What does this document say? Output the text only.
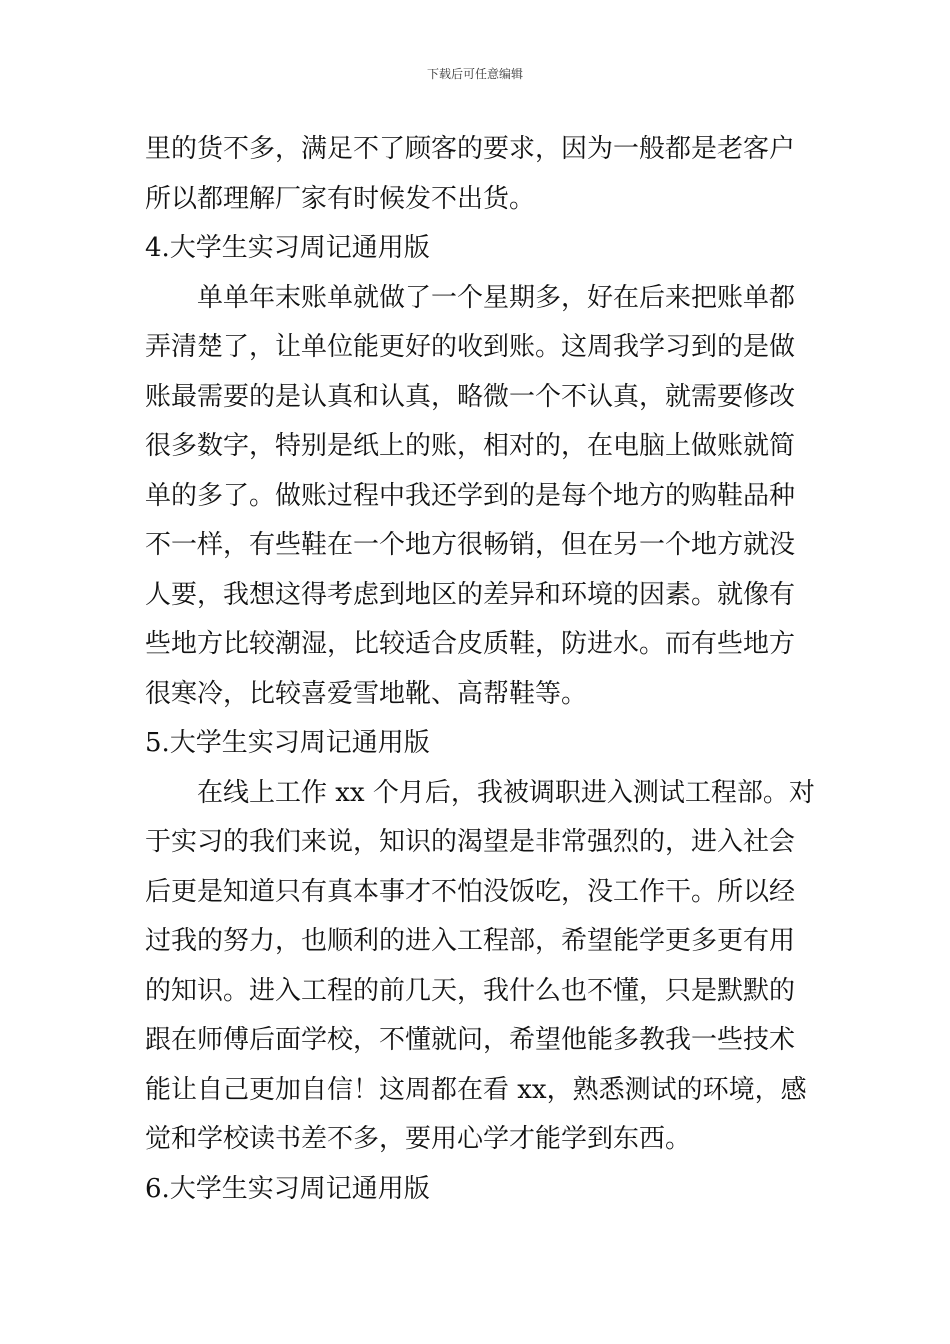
下载后可任意编辑
里的货不多，满足不了顾客的要求，因为一般都是老客户
所以都理解厂家有时候发不出货。
4.大学生实习周记通用版
单单年末账单就做了一个星期多，好在后来把账单都
弄清楚了，让单位能更好的收到账。这周我学习到的是做
账最需要的是认真和认真，略微一个不认真，就需要修改
很多数字，特别是纸上的账，相对的，在电脑上做账就简
单的多了。做账过程中我还学到的是每个地方的购鞋品种
不一样，有些鞋在一个地方很畅销，但在另一个地方就没
人要，我想这得考虑到地区的差异和环境的因素。就像有
些地方比较潮湿，比较适合皮质鞋，防进水。而有些地方
很寒冷，比较喜爱雪地靴、高帮鞋等。
5.大学生实习周记通用版
在线上工作 xx 个月后，我被调职进入测试工程部。对
于实习的我们来说，知识的渴望是非常强烈的，进入社会
后更是知道只有真本事才不怕没饭吃，没工作干。所以经
过我的努力，也顺利的进入工程部，希望能学更多更有用
的知识。进入工程的前几天，我什么也不懂，只是默默的
跟在师傅后面学校，不懂就问，希望他能多教我一些技术
能让自己更加自信！这周都在看 xx，熟悉测试的环境，感
觉和学校读书差不多，要用心学才能学到东西。
6.大学生实习周记通用版
